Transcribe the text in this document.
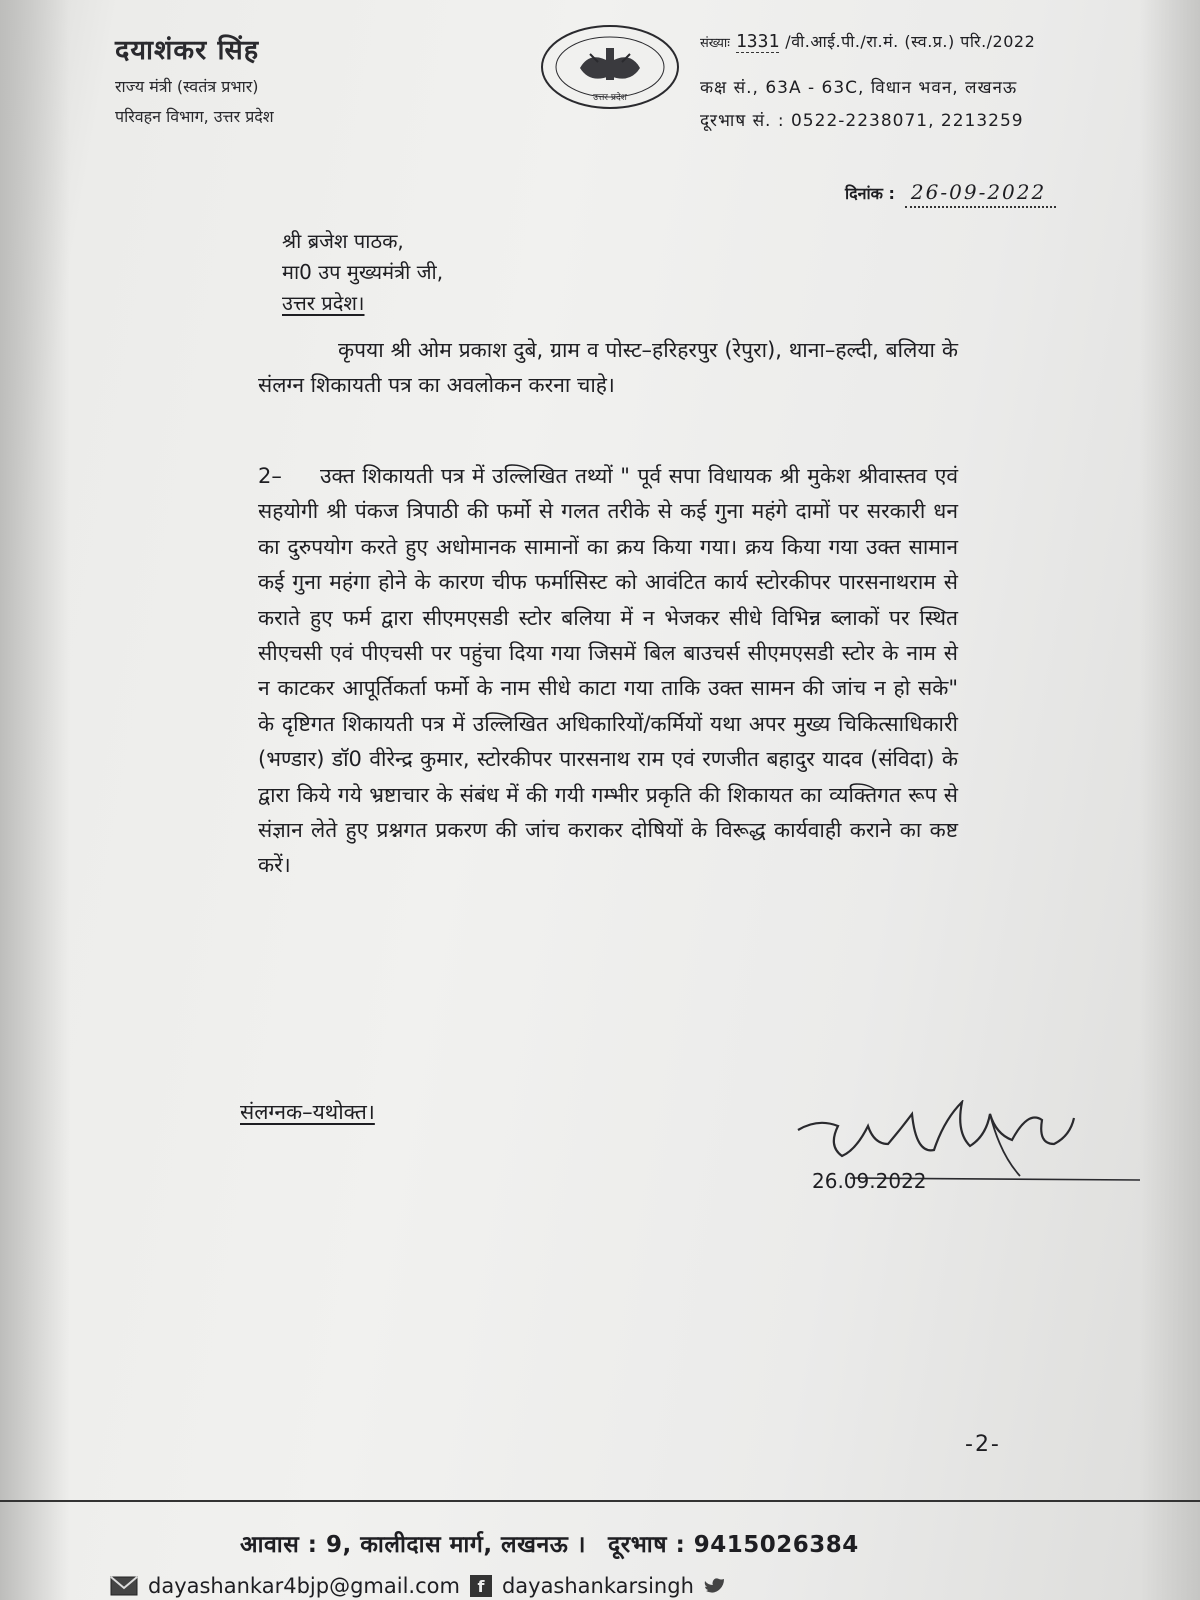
दयाशंकर सिंह
राज्य मंत्री (स्वतंत्र प्रभार)
परिवहन विभाग, उत्तर प्रदेश
उत्तर प्रदेश
संख्याः 1331 /वी.आई.पी./रा.मं. (स्व.प्र.) परि./2022
कक्ष सं., 63A - 63C, विधान भवन, लखनऊ
दूरभाष सं. : 0522-2238071, 2213259
दिनांक : 26-09-2022
श्री ब्रजेश पाठक,
मा0 उप मुख्यमंत्री जी,
उत्तर प्रदेश।
कृपया श्री ओम प्रकाश दुबे, ग्राम व पोस्ट–हरिहरपुर (रेपुरा), थाना–हल्दी, बलिया के संलग्न शिकायती पत्र का अवलोकन करना चाहे।
2– उक्त शिकायती पत्र में उल्लिखित तथ्यों " पूर्व सपा विधायक श्री मुकेश श्रीवास्तव एवं सहयोगी श्री पंकज त्रिपाठी की फर्मो से गलत तरीके से कई गुना महंगे दामों पर सरकारी धन का दुरुपयोग करते हुए अधोमानक सामानों का क्रय किया गया। क्रय किया गया उक्त सामान कई गुना महंगा होने के कारण चीफ फर्मासिस्ट को आवंटित कार्य स्टोरकीपर पारसनाथराम से कराते हुए फर्म द्वारा सीएमएसडी स्टोर बलिया में न भेजकर सीधे विभिन्न ब्लाकों पर स्थित सीएचसी एवं पीएचसी पर पहुंचा दिया गया जिसमें बिल बाउचर्स सीएमएसडी स्टोर के नाम से न काटकर आपूर्तिकर्ता फर्मो के नाम सीधे काटा गया ताकि उक्त सामन की जांच न हो सके" के दृष्टिगत शिकायती पत्र में उल्लिखित अधिकारियों/कर्मियों यथा अपर मुख्य चिकित्साधिकारी (भण्डार) डॉ0 वीरेन्द्र कुमार, स्टोरकीपर पारसनाथ राम एवं रणजीत बहादुर यादव (संविदा) के द्वारा किये गये भ्रष्टाचार के संबंध में की गयी गम्भीर प्रकृति की शिकायत का व्यक्तिगत रूप से संज्ञान लेते हुए प्रश्नगत प्रकरण की जांच कराकर दोषियों के विरूद्ध कार्यवाही कराने का कष्ट करें।
संलग्नक–यथोक्त।
26.09.2022
-2-
आवास : 9, कालीदास मार्ग, लखनऊ । दूरभाष : 9415026384
dayashankar4bjp@gmail.com	f dayashankarsingh
